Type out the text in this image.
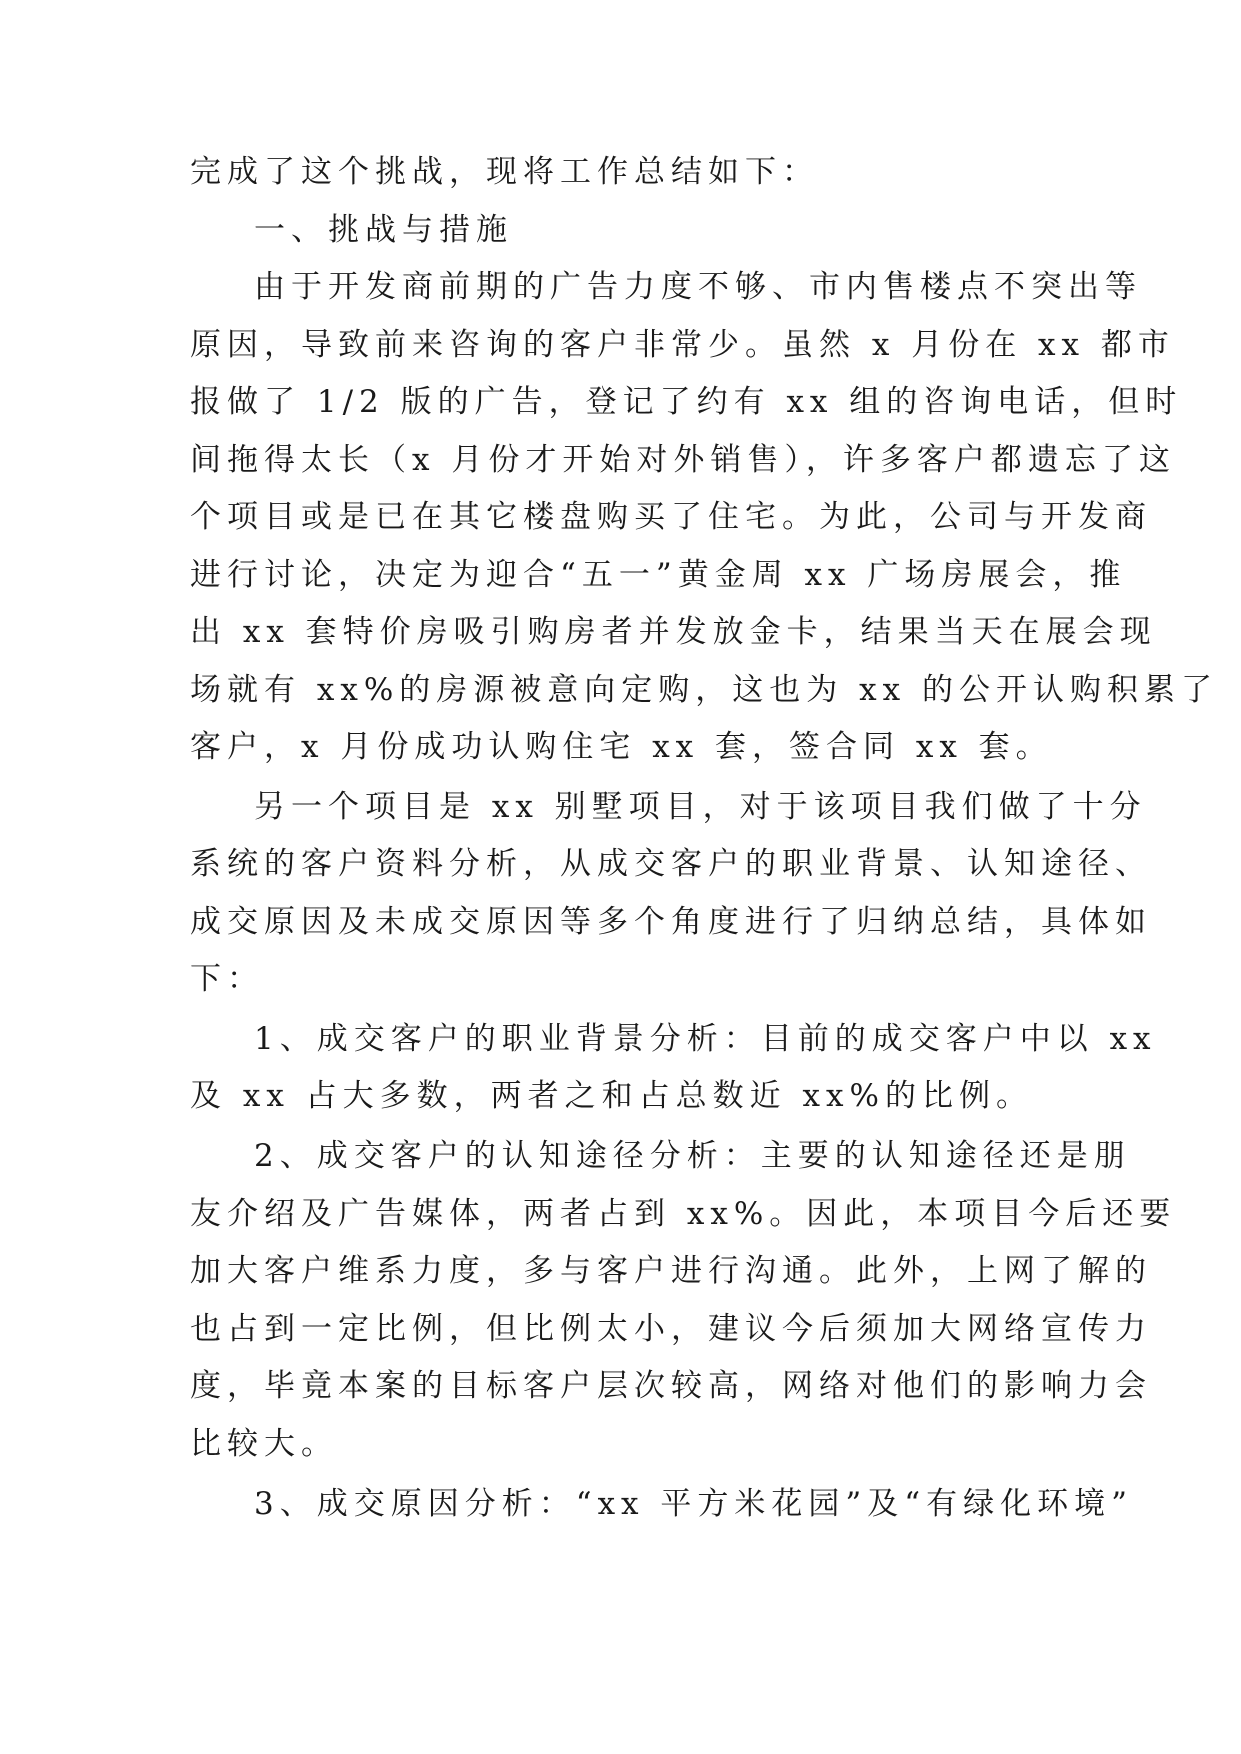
完成了这个挑战，现将工作总结如下：
一、挑战与措施
由于开发商前期的广告力度不够、市内售楼点不突出等
原因，导致前来咨询的客户非常少。虽然 x 月份在 xx 都市
报做了 1/2 版的广告，登记了约有 xx 组的咨询电话，但时
间拖得太长（x 月份才开始对外销售），许多客户都遗忘了这
个项目或是已在其它楼盘购买了住宅。为此，公司与开发商
进行讨论，决定为迎合“五一”黄金周 xx 广场房展会，推
出 xx 套特价房吸引购房者并发放金卡，结果当天在展会现
场就有 xx%的房源被意向定购，这也为 xx 的公开认购积累了
客户，x 月份成功认购住宅 xx 套，签合同 xx 套。
另一个项目是 xx 别墅项目，对于该项目我们做了十分
系统的客户资料分析，从成交客户的职业背景、认知途径、
成交原因及未成交原因等多个角度进行了归纳总结，具体如
下：
1、成交客户的职业背景分析：目前的成交客户中以 xx
及 xx 占大多数，两者之和占总数近 xx%的比例。
2、成交客户的认知途径分析：主要的认知途径还是朋
友介绍及广告媒体，两者占到 xx%。因此，本项目今后还要
加大客户维系力度，多与客户进行沟通。此外，上网了解的
也占到一定比例，但比例太小，建议今后须加大网络宣传力
度，毕竟本案的目标客户层次较高，网络对他们的影响力会
比较大。
3、成交原因分析：“xx 平方米花园”及“有绿化环境”
